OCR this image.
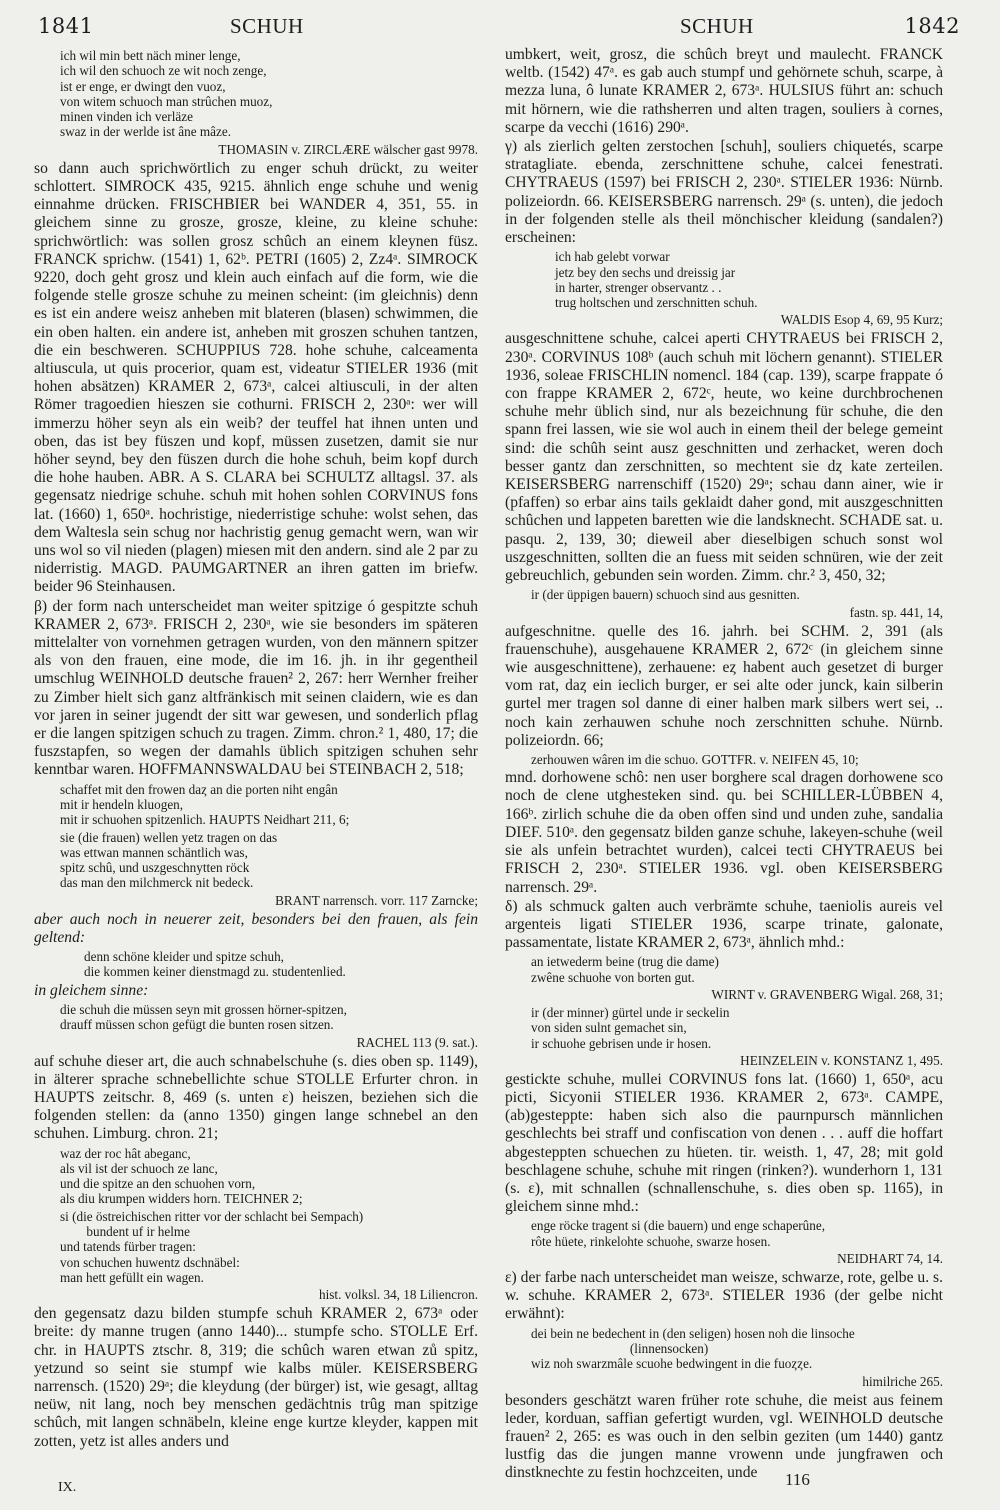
1841	SCHUH	SCHUH	1842
ich wil min bett näch miner lenge,
ich wil den schuoch ze wit noch zenge,
ist er enge, er dwingt den vuoz,
von witem schuoch man strûchen muoz,
minen vinden ich verläze
swaz in der werlde ist âne mâze.
THOMASIN v. ZIRCLÆRE wälscher gast 9978.

so dann auch sprichwörtlich zu enger schuh drückt, zu weiter schlottert. SIMROCK 435, 9215. ähnlich enge schuhe und wenig einnahme drücken. FRISCHBIER bei WANDER 4, 351, 55. in gleichem sinne zu grosze, grosze, kleine, zu kleine schuhe: sprichwörtlich: was sollen grosz schûch an einem kleynen füsz. FRANCK sprichw. (1541) 1, 62ᵇ. PETRI (1605) 2, Zz4ᵃ. SIMROCK 9220, doch geht grosz und klein auch einfach auf die form, wie die folgende stelle grosze schuhe zu meinen scheint: (im gleichnis) denn es ist ein andere weisz anheben mit blateren (blasen) schwimmen, die ein oben halten. ein andere ist, anheben mit groszen schuhen tantzen, die ein beschweren. SCHUPPIUS 728. hohe schuhe, calceamenta altiuscula, ut quis procerior, quam est, videatur STIELER 1936 (mit hohen absätzen) KRAMER 2, 673ᵃ, calcei altiusculi, in der alten Römer tragoedien hieszen sie cothurni. FRISCH 2, 230ᵃ: wer will immerzu höher seyn als ein weib? der teuffel hat ihnen unten und oben, das ist bey füszen und kopf, müssen zusetzen, damit sie nur höher seynd, bey den füszen durch die hohe schuh, beim kopf durch die hohe hauben. ABR. A S. CLARA bei SCHULTZ alltagsl. 37. als gegensatz niedrige schuhe. schuh mit hohen sohlen CORVINUS fons lat. (1660) 1, 650ᵃ. hochristige, niederristige schuhe: wolst sehen, das dem Waltesla sein schug nor hachristig genug gemacht wern, wan wir uns wol so vil nieden (plagen) miesen mit den andern. sind ale 2 par zu niderristig. MAGD. PAUMGARTNER an ihren gatten im briefw. beider 96 Steinhausen.

β) der form nach unterscheidet man weiter spitzige ó gespitzte schuh KRAMER 2, 673ᵃ. FRISCH 2, 230ᵃ, wie sie besonders im späteren mittelalter von vornehmen getragen wurden, von den männern spitzer als von den frauen, eine mode, die im 16. jh. in ihr gegentheil umschlug WEINHOLD deutsche frauen² 2, 267: herr Wernher freiher zu Zimber hielt sich ganz altfränkisch mit seinen claidern, wie es dan vor jaren in seiner jugendt der sitt war gewesen, und sonderlich pflag er die langen spitzigen schuch zu tragen. Zimm. chron.² 1, 480, 17; die fuszstapfen, so wegen der damahls üblich spitzigen schuhen sehr kenntbar waren. HOFFMANNSWALDAU bei STEINBACH 2, 518;

schaffet mit den frowen daȥ an die porten niht engân
mit ir hendeln kluogen,
mit ir schuohen spitzenlich. HAUPTS Neidhart 211, 6;
sie (die frauen) wellen yetz tragen on das
was ettwan mannen schäntlich was,
spitz schû, und uszgeschnytten röck
das man den milchmerck nit bedeck.
BRANT narrensch. vorr. 117 Zarncke;

aber auch noch in neuerer zeit, besonders bei den frauen, als fein geltend:

denn schöne kleider und spitze schuh,
die kommen keiner dienstmagd zu. studentenlied.

in gleichem sinne:

die schuh die müssen seyn mit grossen hörner-spitzen,
drauff müssen schon gefügt die bunten rosen sitzen.
RACHEL 113 (9. sat.).

auf schuhe dieser art, die auch schnabelschuhe (s. dies oben sp. 1149), in älterer sprache schnebellichte schue STOLLE Erfurter chron. in HAUPTS zeitschr. 8, 469 (s. unten ε) heiszen, beziehen sich die folgenden stellen: da (anno 1350) gingen lange schnebel an den schuhen. Limburg. chron. 21;

waz der roc hât abeganc,
als vil ist der schuoch ze lanc,
und die spitze an den schuohen vorn,
als diu krumpen widders horn. TEICHNER 2;
si (die östreichischen ritter vor der schlacht bei Sempach)
bundent uf ir helme
und tatends fürber tragen:
von schuchen huwentz dschnäbel:
man hett gefüllt ein wagen.
hist. volksl. 34, 18 Liliencron.

den gegensatz dazu bilden stumpfe schuh KRAMER 2, 673ᵃ oder breite: dy manne trugen (anno 1440)... stumpfe scho. STOLLE Erf. chr. in HAUPTS ztschr. 8, 319; die schûch waren etwan zů spitz, yetzund so seint sie stumpf wie kalbs müler. KEISERSBERG narrensch. (1520) 29ᵃ; die kleydung (der bürger) ist, wie gesagt, alltag neüw, nit lang, noch bey menschen gedächtnis trûg man spitzige schûch, mit langen schnäbeln, kleine enge kurtze kleyder, kappen mit zotten, yetz ist alles anders und

umbkert, weit, grosz, die schûch breyt und maulecht. FRANCK weltb. (1542) 47ᵃ. es gab auch stumpf und gehörnete schuh, scarpe, à mezza luna, ô lunate KRAMER 2, 673ᵃ. HULSIUS führt an: schuch mit hörnern, wie die rathsherren und alten tragen, souliers à cornes, scarpe da vecchi (1616) 290ᵃ.

γ) als zierlich gelten zerstochen [schuh], souliers chiquetés, scarpe stratagliate. ebenda, zerschnittene schuhe, calcei fenestrati. CHYTRAEUS (1597) bei FRISCH 2, 230ᵃ. STIELER 1936: Nürnb. polizeiordn. 66. KEISERSBERG narrensch. 29ᵃ (s. unten), die jedoch in der folgenden stelle als theil mönchischer kleidung (sandalen?) erscheinen:

ich hab gelebt vorwar
jetz bey den sechs und dreissig jar
in harter, strenger observantz . .
trug holtschen und zerschnitten schuh.
WALDIS Esop 4, 69, 95 Kurz;

ausgeschnittene schuhe, calcei aperti CHYTRAEUS bei FRISCH 2, 230ᵃ. CORVINUS 108ᵇ (auch schuh mit löchern genannt). STIELER 1936, soleae FRISCHLIN nomencl. 184 (cap. 139), scarpe frappate ó con frappe KRAMER 2, 672ᶜ, heute, wo keine durchbrochenen schuhe mehr üblich sind, nur als bezeichnung für schuhe, die den spann frei lassen, wie sie wol auch in einem theil der belege gemeint sind: die schûh seint ausz geschnitten und zerhacket, weren doch besser gantz dan zerschnitten, so mechtent sie dȥ kate zerteilen. KEISERSBERG narrenschiff (1520) 29ᵃ; schau dann ainer, wie ir (pfaffen) so erbar ains tails geklaidt daher gond, mit auszgeschnitten schûchen und lappeten baretten wie die landsknecht. SCHADE sat. u. pasqu. 2, 139, 30; dieweil aber dieselbigen schuch sonst wol uszgeschnitten, sollten die an fuess mit seiden schnüren, wie der zeit gebreuchlich, gebunden sein worden. Zimm. chr.² 3, 450, 32;

ir (der üppigen bauern) schuoch sind aus gesnitten.
fastn. sp. 441, 14,

aufgeschnitne. quelle des 16. jahrh. bei SCHM. 2, 391 (als frauenschuhe), ausgehauene KRAMER 2, 672ᶜ (in gleichem sinne wie ausgeschnittene), zerhauene: eȥ habent auch gesetzet di burger vom rat, daȥ ein ieclich burger, er sei alte oder junck, kain silberin gurtel mer tragen sol danne di einer halben mark silbers wert sei, .. noch kain zerhauwen schuhe noch zerschnitten schuhe. Nürnb. polizeiordn. 66;

zerhouwen wâren im die schuo. GOTTFR. v. NEIFEN 45, 10;

mnd. dorhowene schô: nen user borghere scal dragen dorhowene sco noch de clene utghesteken sind. qu. bei SCHILLER-LÜBBEN 4, 166ᵇ. zirlich schuhe die da oben offen sind und unden zuhe, sandalia DIEF. 510ᵃ. den gegensatz bilden ganze schuhe, lakeyen-schuhe (weil sie als unfein betrachtet wurden), calcei tecti CHYTRAEUS bei FRISCH 2, 230ᵃ. STIELER 1936. vgl. oben KEISERSBERG narrensch. 29ᵃ.

δ) als schmuck galten auch verbrämte schuhe, taeniolis aureis vel argenteis ligati STIELER 1936, scarpe trinate, galonate, passamentate, listate KRAMER 2, 673ᵃ, ähnlich mhd.:

an ietwederm beine (trug die dame)
zwêne schuohe von borten gut.
WIRNT v. GRAVENBERG Wigal. 268, 31;
ir (der minner) gürtel unde ir seckelin
von siden sulnt gemachet sin,
ir schuohe gebrisen unde ir hosen.
HEINZELEIN v. KONSTANZ 1, 495.

gestickte schuhe, mullei CORVINUS fons lat. (1660) 1, 650ᵃ, acu picti, Sicyonii STIELER 1936. KRAMER 2, 673ᵃ. CAMPE, (ab)gesteppte: haben sich also die paurnpursch männlichen geschlechts bei straff und confiscation von denen . . . auff die hoffart abgesteppten schuechen zu hüeten. tir. weisth. 1, 47, 28; mit gold beschlagene schuhe, schuhe mit ringen (rinken?). wunderhorn 1, 131 (s. ε), mit schnallen (schnallenschuhe, s. dies oben sp. 1165), in gleichem sinne mhd.:

enge röcke tragent si (die bauern) und enge schaperûne,
rôte hüete, rinkelohte schuohe, swarze hosen.
NEIDHART 74, 14.

ε) der farbe nach unterscheidet man weisze, schwarze, rote, gelbe u. s. w. schuhe. KRAMER 2, 673ᵃ. STIELER 1936 (der gelbe nicht erwähnt):

dei bein ne bedechent in (den seligen) hosen noh die linsoche
(linnensocken)
wiz noh swarzmâle scuohe bedwingent in die fuoȥȥe.
himilriche 265.

besonders geschätzt waren früher rote schuhe, die meist aus feinem leder, korduan, saffian gefertigt wurden, vgl. WEINHOLD deutsche frauen² 2, 265: es was ouch in den selbin geziten (um 1440) gantz lustfig das die jungen manne vrowenn unde jungfrawen och dinstknechte zu festin hochzceiten, unde

IX.	116
